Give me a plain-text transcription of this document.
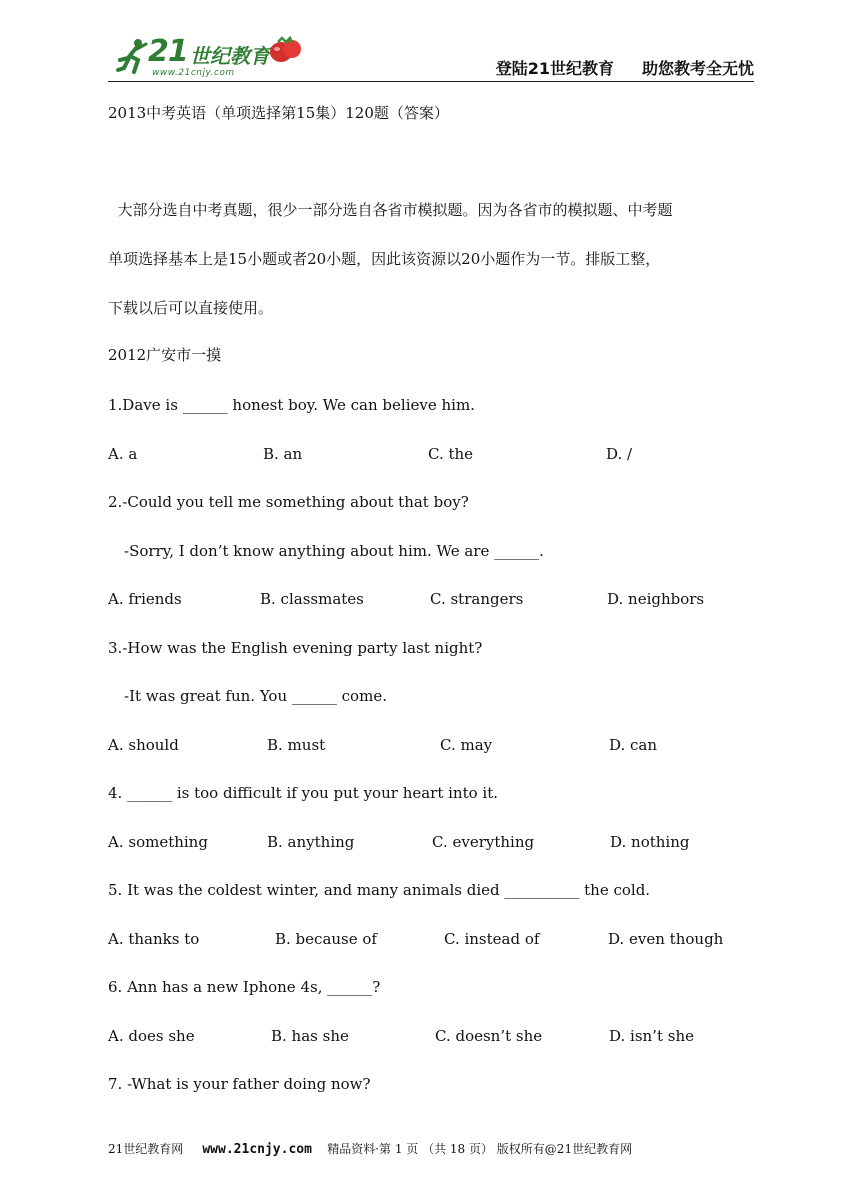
21 世纪教育
www.21cnjy.com	登陆21世纪教育 助您教考全无忧
2013中考英语（单项选择第15集）120题（答案）
大部分选自中考真题，很少一部分选自各省市模拟题。因为各省市的模拟题、中考题
单项选择基本上是15小题或者20小题，因此该资源以20小题作为一节。排版工整，
下载以后可以直接使用。
2012广安市一摸
1.Dave is ______ honest boy. We can believe him.
A. a	B. an	C. the	D. /
2.-Could you tell me something about that boy?
-Sorry, I don’t know anything about him. We are ______.
A. friends	B. classmates	C. strangers	D. neighbors
3.-How was the English evening party last night?
-It was great fun. You ______ come.
A. should	B. must	C. may	D. can
4. ______ is too difficult if you put your heart into it.
A. something	B. anything	C. everything	D. nothing
5. It was the coldest winter, and many animals died __________ the cold.
A. thanks to	B. because of	C. instead of	D. even though
6. Ann has a new Iphone 4s, ______?
A. does she	B. has she	C. doesn’t she	D. isn’t she
7. -What is your father doing now?
21世纪教育网 www.21cnjy.com 精品资料·第 1 页 （共 18 页） 版权所有@21世纪教育网
